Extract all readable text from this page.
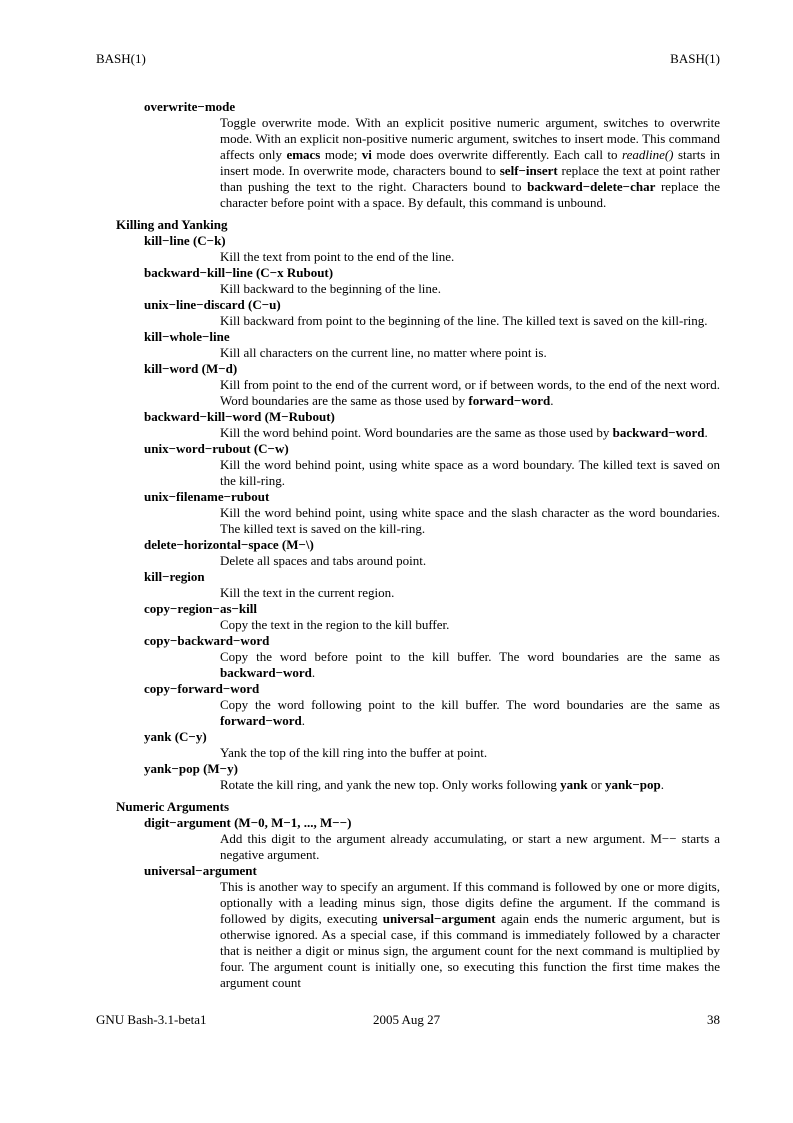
BASH(1)	BASH(1)
overwrite−mode
Toggle overwrite mode. With an explicit positive numeric argument, switches to overwrite mode. With an explicit non-positive numeric argument, switches to insert mode. This command affects only emacs mode; vi mode does overwrite differently. Each call to readline() starts in insert mode. In overwrite mode, characters bound to self−insert replace the text at point rather than pushing the text to the right. Characters bound to backward−delete−char replace the character before point with a space. By default, this command is unbound.
Killing and Yanking
kill−line (C−k)
Kill the text from point to the end of the line.
backward−kill−line (C−x Rubout)
Kill backward to the beginning of the line.
unix−line−discard (C−u)
Kill backward from point to the beginning of the line. The killed text is saved on the kill-ring.
kill−whole−line
Kill all characters on the current line, no matter where point is.
kill−word (M−d)
Kill from point to the end of the current word, or if between words, to the end of the next word. Word boundaries are the same as those used by forward−word.
backward−kill−word (M−Rubout)
Kill the word behind point. Word boundaries are the same as those used by backward−word.
unix−word−rubout (C−w)
Kill the word behind point, using white space as a word boundary. The killed text is saved on the kill-ring.
unix−filename−rubout
Kill the word behind point, using white space and the slash character as the word boundaries. The killed text is saved on the kill-ring.
delete−horizontal−space (M−\)
Delete all spaces and tabs around point.
kill−region
Kill the text in the current region.
copy−region−as−kill
Copy the text in the region to the kill buffer.
copy−backward−word
Copy the word before point to the kill buffer. The word boundaries are the same as backward−word.
copy−forward−word
Copy the word following point to the kill buffer. The word boundaries are the same as forward−word.
yank (C−y)
Yank the top of the kill ring into the buffer at point.
yank−pop (M−y)
Rotate the kill ring, and yank the new top. Only works following yank or yank−pop.
Numeric Arguments
digit−argument (M−0, M−1, ..., M−−)
Add this digit to the argument already accumulating, or start a new argument. M−− starts a negative argument.
universal−argument
This is another way to specify an argument. If this command is followed by one or more digits, optionally with a leading minus sign, those digits define the argument. If the command is followed by digits, executing universal−argument again ends the numeric argument, but is otherwise ignored. As a special case, if this command is immediately followed by a character that is neither a digit or minus sign, the argument count for the next command is multiplied by four. The argument count is initially one, so executing this function the first time makes the argument count
GNU Bash-3.1-beta1	2005 Aug 27	38
